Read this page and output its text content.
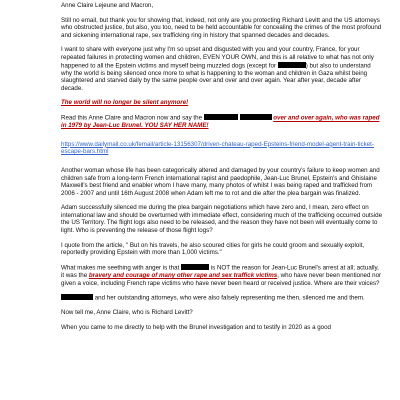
Anne Claire Lejeune and Macron,

Still no email, but thank you for showing that, indeed, not only are you protecting Richard Levitt and the US attorneys who obstructed justice, but also, you too, need to be held accountable for concealing the crimes of the most profound and sickening international rape, sex trafficking ring in history that spanned decades and decades.

I want to share with everyone just why I'm so upset and disgusted with you and your country, France, for your repeated failures in protecting women and children, EVEN YOUR OWN, and this is all relative to what has not only happened to all the Epstein victims and myself being muzzled dogs (except for	) but also to understand why the world is being silenced once more to what is happening to the woman and children in Gaza whilst being slaughtered and starved daily by the same people over and over and over again. Year after year, decade after decade.

The world will no longer be silent anymore!

Read this Anne Claire and Macron now and say the	over and over again, who was raped in 1979 by Jean-Luc Brunel. YOU SAY HER NAME!

https://www.dailymail.co.uk/femail/article-13156307/driven-chateau-raped-Epsteins-friend-model-agent-train-ticket-escape-bars.html

Another woman whose life has been categorically altered and damaged by your country's failure to keep women and children safe from a long-term French international rapist and paedophile, Jean-Luc Brunel, Epstein's and Ghislaine Maxwell's best friend and enabler whom I have many, many photos of whilst I was being raped and trafficked from 2006 - 2007 and until 16th August 2008 when Adam left me to rot and die after the plea bargain was finalized.

Adam successfully silenced me during the plea bargain negotiations which have zero and, I mean, zero effect on international law and should be overturned with immediate effect, considering much of the trafficking occurred outside the US Territory. The flight logs also need to be released, and the reason they have not been will eventually come to light. Who is preventing the release of those flight logs?

I quote from the article, " But on his travels, he also scoured cities for girls he could groom and sexually exploit, reportedly providing Epstein with more than 1,000 victims."

What makes me seething with anger is that	is NOT the reason for Jean-Luc Brunel's arrest at all; actually, it was the bravery and courage of many other rape and sex traffick victims, who have never been mentioned nor given a voice, including French rape victims who have never been heard or received justice. Where are their voices?

and her outstanding attorneys, who were also falsely representing me then, silenced me and them.

Now tell me, Anne Claire, who is Richard Levitt?

When you came to me directly to help with the Brunel investigation and to testify in 2020 as a good
